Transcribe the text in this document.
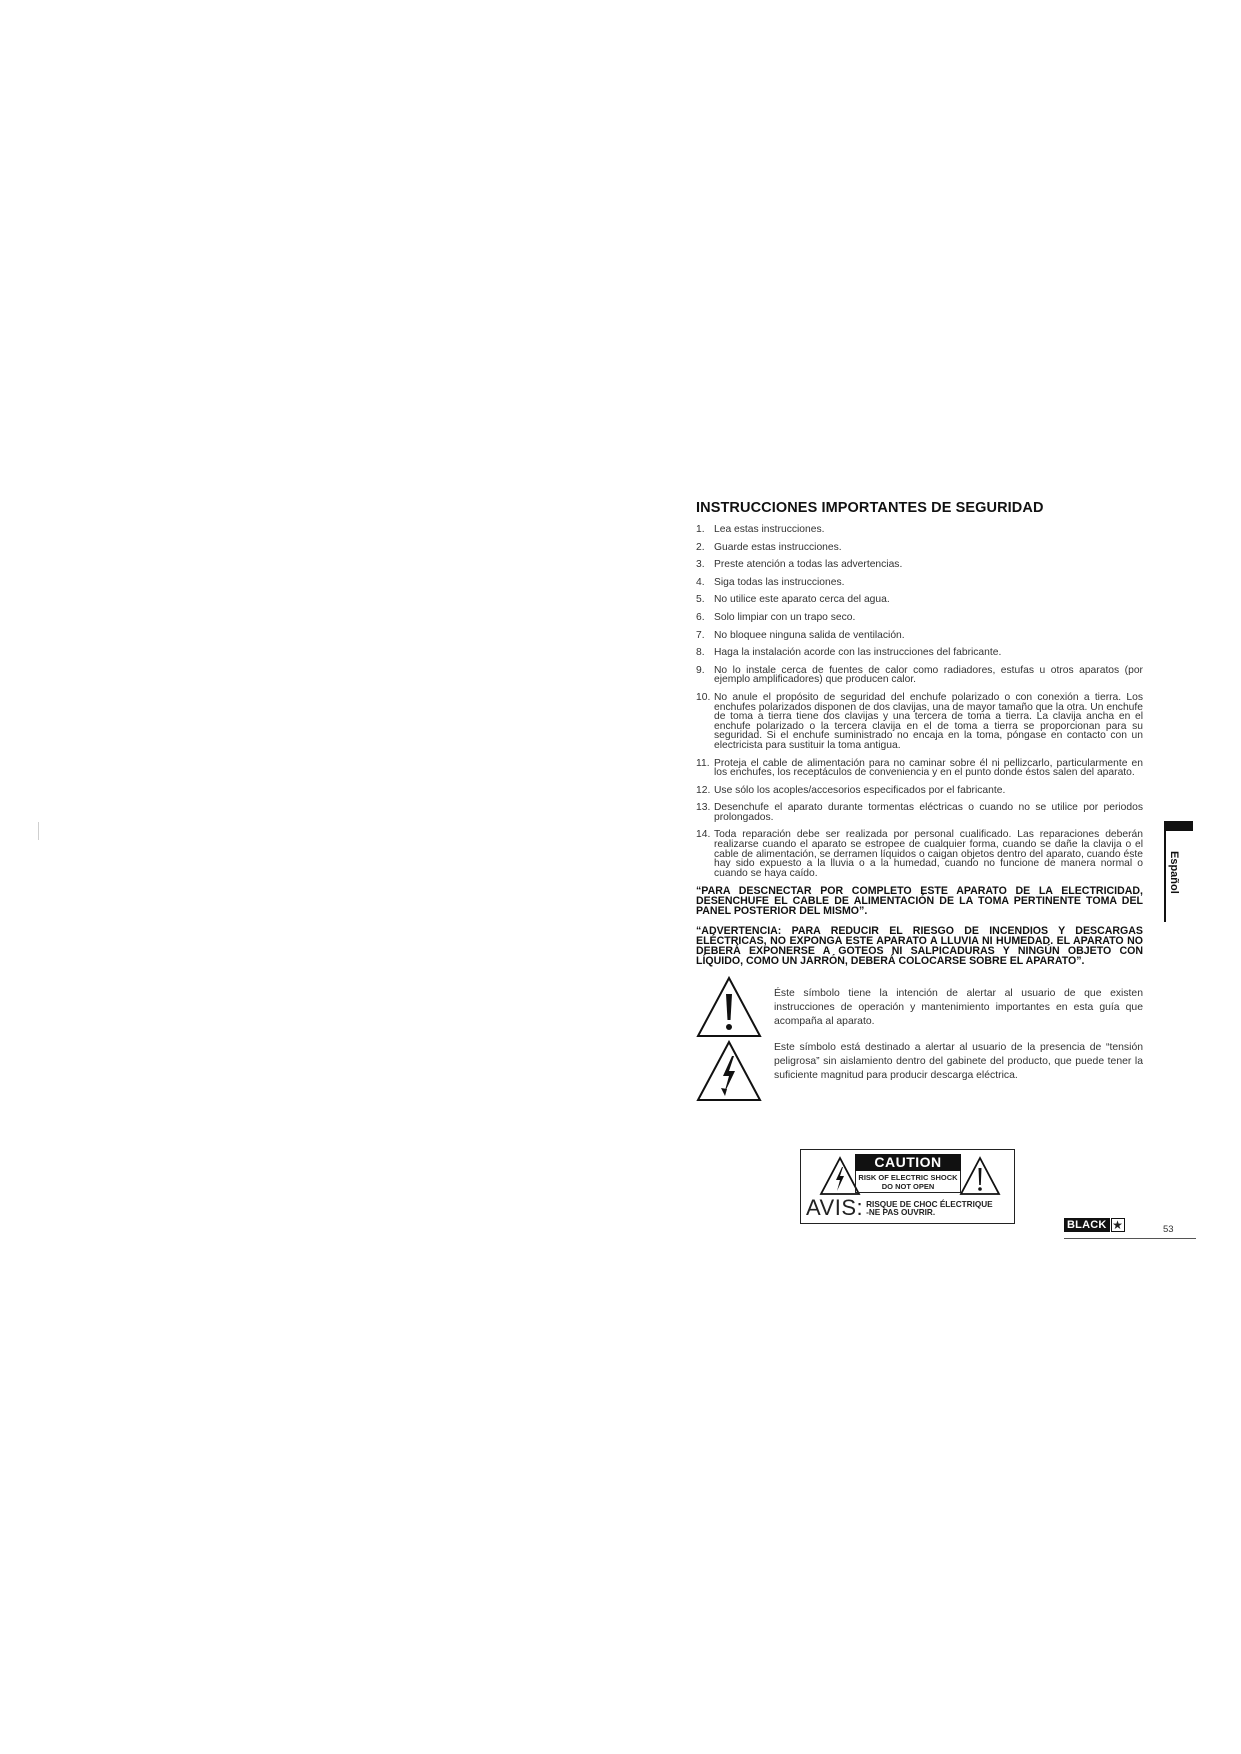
INSTRUCCIONES IMPORTANTES DE SEGURIDAD
1. Lea estas instrucciones.
2. Guarde estas instrucciones.
3. Preste atención a todas las advertencias.
4. Siga todas las instrucciones.
5. No utilice este aparato cerca del agua.
6. Solo limpiar con un trapo seco.
7. No bloquee ninguna salida de ventilación.
8. Haga la instalación acorde con las instrucciones del fabricante.
9. No lo instale cerca de fuentes de calor como radiadores, estufas u otros aparatos (por ejemplo amplificadores) que producen calor.
10. No anule el propósito de seguridad del enchufe polarizado o con conexión a tierra. Los enchufes polarizados disponen de dos clavijas, una de mayor tamaño que la otra. Un enchufe de toma a tierra tiene dos clavijas y una tercera de toma a tierra. La clavija ancha en el enchufe polarizado o la tercera clavija en el de toma a tierra se proporcionan para su seguridad. Si el enchufe suministrado no encaja en la toma, póngase en contacto con un electricista para sustituir la toma antigua.
11. Proteja el cable de alimentación para no caminar sobre él ni pellizcarlo, particularmente en los enchufes, los receptáculos de conveniencia y en el punto donde éstos salen del aparato.
12. Use sólo los acoples/accesorios especificados por el fabricante.
13. Desenchufe el aparato durante tormentas eléctricas o cuando no se utilice por periodos prolongados.
14. Toda reparación debe ser realizada por personal cualificado. Las reparaciones deberán realizarse cuando el aparato se estropee de cualquier forma, cuando se dañe la clavija o el cable de alimentación, se derramen líquidos o caigan objetos dentro del aparato, cuando éste hay sido expuesto a la lluvia o a la humedad, cuando no funcione de manera normal o cuando se haya caído.

“PARA DESCNECTAR POR COMPLETO ESTE APARATO DE LA ELECTRICIDAD, DESENCHUFE EL CABLE DE ALIMENTACIÓN DE LA TOMA PERTINENTE TOMA DEL PANEL POSTERIOR DEL MISMO”.

“ADVERTENCIA: PARA REDUCIR EL RIESGO DE INCENDIOS Y DESCARGAS ELÉCTRICAS, NO EXPONGA ESTE APARATO A LLUVIA NI HUMEDAD. EL APARATO NO DEBERÁ EXPONERSE A GOTEOS NI SALPICADURAS Y NINGÚN OBJETO CON LÍQUIDO, COMO UN JARRÓN, DEBERÁ COLOCARSE SOBRE EL APARATO”.

Éste símbolo tiene la intención de alertar al usuario de que existen instrucciones de operación y mantenimiento importantes en esta guía que acompaña al aparato.
Este símbolo está destinado a alertar al usuario de la presencia de “tensión peligrosa” sin aislamiento dentro del gabinete del producto, que puede tener la suficiente magnitud para producir descarga eléctrica.
CAUTION
RISK OF ELECTRIC SHOCK
DO NOT OPEN
AVIS: RISQUE DE CHOC ÉLECTRIQUE
-NE PAS OUVRIR.
Español
BLACK ★	53
